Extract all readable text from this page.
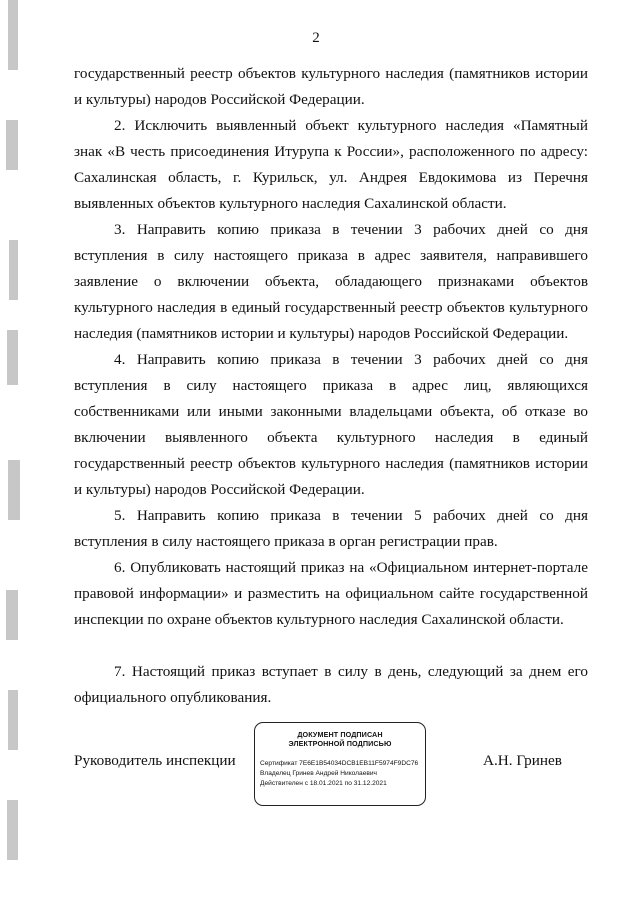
2

государственный реестр объектов культурного наследия (памятников истории и культуры) народов Российской Федерации.

2. Исключить выявленный объект культурного наследия «Памятный знак «В честь присоединения Итурупа к России», расположенного по адресу: Сахалинская область, г. Курильск, ул. Андрея Евдокимова из Перечня выявленных объектов культурного наследия Сахалинской области.

3. Направить копию приказа в течении 3 рабочих дней со дня вступления в силу настоящего приказа в адрес заявителя, направившего заявление о включении объекта, обладающего признаками объектов культурного наследия в единый государственный реестр объектов культурного наследия (памятников истории и культуры) народов Российской Федерации.

4. Направить копию приказа в течении 3 рабочих дней со дня вступления в силу настоящего приказа в адрес лиц, являющихся собственниками или иными законными владельцами объекта, об отказе во включении выявленного объекта культурного наследия в единый государственный реестр объектов культурного наследия (памятников истории и культуры) народов Российской Федерации.

5. Направить копию приказа в течении 5 рабочих дней со дня вступления в силу настоящего приказа в орган регистрации прав.

6. Опубликовать настоящий приказ на «Официальном интернет-портале правовой информации» и разместить на официальном сайте государственной инспекции по охране объектов культурного наследия Сахалинской области.

7. Настоящий приказ вступает в силу в день, следующий за днем его официального опубликования.

Руководитель инспекции
ДОКУМЕНТ ПОДПИСАН
ЭЛЕКТРОННОЙ ПОДПИСЬЮ
Сертификат 7E6E1B54034DCB1EB11F5974F9DC76
Владелец Гринев Андрей Николаевич
Действителен с 18.01.2021 по 31.12.2021
А.Н. Гринев
